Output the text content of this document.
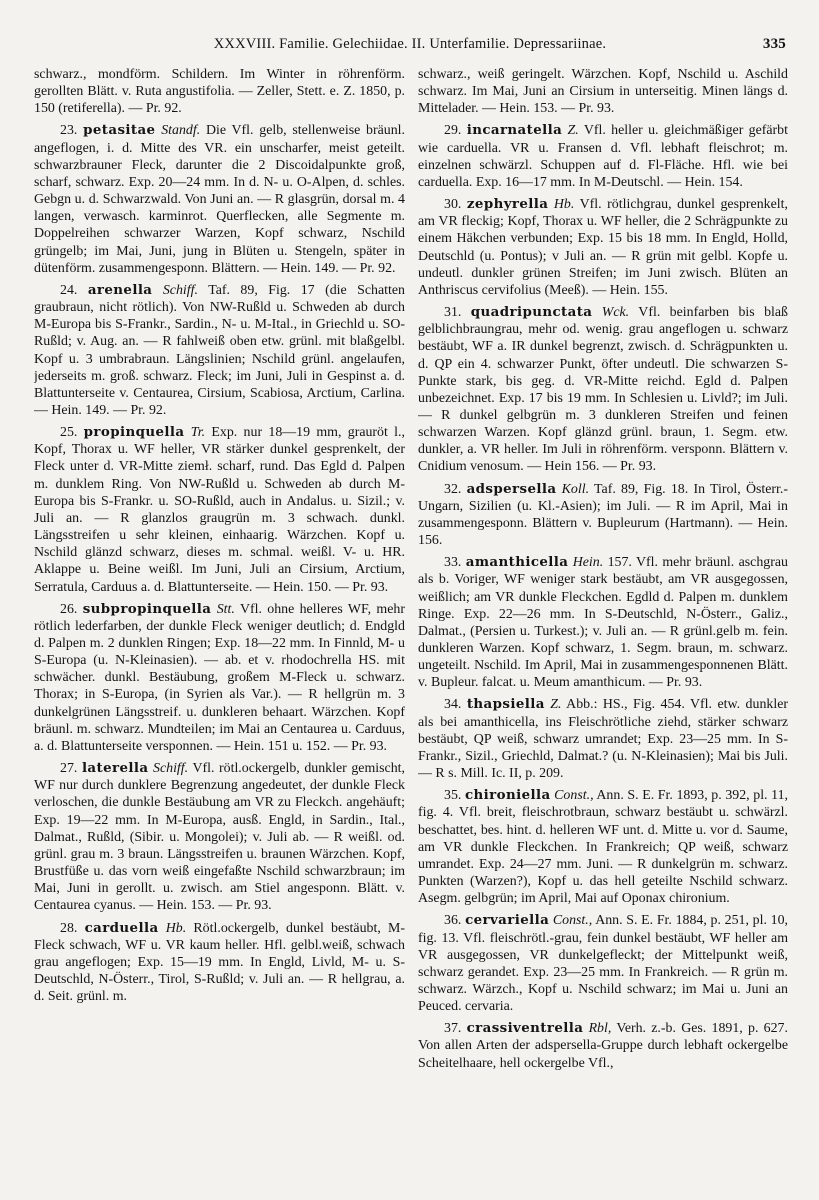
XXXVIII. Familie. Gelechiidae. II. Unterfamilie. Depressariinae.	335

schwarz., mondförm. Schildern. Im Winter in röhrenförm. gerollten Blätt. v. Ruta angustifolia. — Zeller, Stett. e. Z. 1850, p. 150 (retiferella). — Pr. 92.

23. petasitae Standf. Die Vfl. gelb, stellenweise bräunl. angeflogen, i. d. Mitte des VR. ein unscharfer, meist geteilt. schwarzbrauner Fleck, darunter die 2 Discoidalpunkte groß, scharf, schwarz. Exp. 20—24 mm. In d. N- u. O-Alpen, d. schles. Gebgn u. d. Schwarzwald. Von Juni an. — R glasgrün, dorsal m. 4 langen, verwasch. karminrot. Querflecken, alle Segmente m. Doppelreihen schwarzer Warzen, Kopf schwarz, Nschild grüngelb; im Mai, Juni, jung in Blüten u. Stengeln, später in dütenförm. zusammengesponn. Blättern. — Hein. 149. — Pr. 92.

24. arenella Schiff. Taf. 89, Fig. 17 (die Schatten graubraun, nicht rötlich). Von NW-Rußld u. Schweden ab durch M-Europa bis S-Frankr., Sardin., N- u. M-Ital., in Griechld u. SO-Rußld; v. Aug. an. — R fahlweiß oben etw. grünl. mit blaßgelbl. Kopf u. 3 umbrabraun. Längslinien; Nschild grünl. angelaufen, jederseits m. groß. schwarz. Fleck; im Juni, Juli in Gespinst a. d. Blattunterseite v. Centaurea, Cirsium, Scabiosa, Arctium, Carlina. — Hein. 149. — Pr. 92.

25. propinquella Tr. Exp. nur 18—19 mm, grauröt l., Kopf, Thorax u. WF heller, VR stärker dunkel gesprenkelt, der Fleck unter d. VR-Mitte ziemł. scharf, rund. Das Egld d. Palpen m. dunklem Ring. Von NW-Rußld u. Schweden ab durch M-Europa bis S-Frankr. u. SO-Rußld, auch in Andalus. u. Sizil.; v. Juli an. — R glanzlos graugrün m. 3 schwach. dunkl. Längsstreifen u sehr kleinen, einhaarig. Wärzchen. Kopf u. Nschild glänzd schwarz, dieses m. schmal. weißl. V- u. HR. Aklappe u. Beine weißl. Im Juni, Juli an Cirsium, Arctium, Serratula, Carduus a. d. Blattunterseite. — Hein. 150. — Pr. 93.

26. subpropinquella Stt. Vfl. ohne helleres WF, mehr rötlich lederfarben, der dunkle Fleck weniger deutlich; d. Endgld d. Palpen m. 2 dunklen Ringen; Exp. 18—22 mm. In Finnld, M- u S-Europa (u. N-Kleinasien). — ab. et v. rhodochrella HS. mit schwächer. dunkl. Bestäubung, großem M-Fleck u. schwarz. Thorax; in S-Europa, (in Syrien als Var.). — R hellgrün m. 3 dunkelgrünen Längsstreif. u. dunkleren behaart. Wärzchen. Kopf bräunl. m. schwarz. Mundteilen; im Mai an Centaurea u. Carduus, a. d. Blattunterseite versponnen. — Hein. 151 u. 152. — Pr. 93.

27. laterella Schiff. Vfl. rötl.ockergelb, dunkler gemischt, WF nur durch dunklere Begrenzung angedeutet, der dunkle Fleck verloschen, die dunkle Bestäubung am VR zu Fleckch. angehäuft; Exp. 19—22 mm. In M-Europa, ausß. Engld, in Sardin., Ital., Dalmat., Rußld, (Sibir. u. Mongolei); v. Juli ab. — R weißl. od. grünl. grau m. 3 braun. Längsstreifen u. braunen Wärzchen. Kopf, Brustfüße u. das vorn weiß eingefaßte Nschild schwarzbraun; im Mai, Juni in gerollt. u. zwisch. am Stiel angesponn. Blätt. v. Centaurea cyanus. — Hein. 153. — Pr. 93.

28. carduella Hb. Rötl.ockergelb, dunkel bestäubt, M-Fleck schwach, WF u. VR kaum heller. Hfl. gelbl.weiß, schwach grau angeflogen; Exp. 15—19 mm. In Engld, Livld, M- u. S-Deutschld, N-Österr., Tirol, S-Rußld; v. Juli an. — R hellgrau, a. d. Seit. grünl. m.

schwarz., weiß geringelt. Wärzchen. Kopf, Nschild u. Aschild schwarz. Im Mai, Juni an Cirsium in unterseitig. Minen längs d. Mittelader. — Hein. 153. — Pr. 93.

29. incarnatella Z. Vfl. heller u. gleichmäßiger gefärbt wie carduella. VR u. Fransen d. Vfl. lebhaft fleischrot; m. einzelnen schwärzl. Schuppen auf d. Fl-Fläche. Hfl. wie bei carduella. Exp. 16—17 mm. In M-Deutschl. — Hein. 154.

30. zephyrella Hb. Vfl. rötlichgrau, dunkel gesprenkelt, am VR fleckig; Kopf, Thorax u. WF heller, die 2 Schrägpunkte zu einem Häkchen verbunden; Exp. 15 bis 18 mm. In Engld, Holld, Deutschld (u. Pontus); v Juli an. — R grün mit gelbl. Kopfe u. undeutl. dunkler grünen Streifen; im Juni zwisch. Blüten an Anthriscus cervifolius (Meeß). — Hein. 155.

31. quadripunctata Wck. Vfl. beinfarben bis blaß gelblichbraungrau, mehr od. wenig. grau angeflogen u. schwarz bestäubt, WF a. IR dunkel begrenzt, zwisch. d. Schrägpunkten u. d. QP ein 4. schwarzer Punkt, öfter undeutl. Die schwarzen S-Punkte stark, bis geg. d. VR-Mitte reichd. Egld d. Palpen unbezeichnet. Exp. 17 bis 19 mm. In Schlesien u. Livld?; im Juli. — R dunkel gelbgrün m. 3 dunkleren Streifen und feinen schwarzen Warzen. Kopf glänzd grünl. braun, 1. Segm. etw. dunkler, a. VR heller. Im Juli in röhrenförm. versponn. Blättern v. Cnidium venosum. — Hein 156. — Pr. 93.

32. adspersella Koll. Taf. 89, Fig. 18. In Tirol, Österr.-Ungarn, Sizilien (u. Kl.-Asien); im Juli. — R im April, Mai in zusammengesponn. Blättern v. Bupleurum (Hartmann). — Hein. 156.

33. amanthicella Hein. 157. Vfl. mehr bräunl. aschgrau als b. Voriger, WF weniger stark bestäubt, am VR ausgegossen, weißlich; am VR dunkle Fleckchen. Egdld d. Palpen m. dunklem Ringe. Exp. 22—26 mm. In S-Deutschld, N-Österr., Galiz., Dalmat., (Persien u. Turkest.); v. Juli an. — R grünl.gelb m. fein. dunkleren Warzen. Kopf schwarz, 1. Segm. braun, m. schwarz. ungeteilt. Nschild. Im April, Mai in zusammengesponnenen Blätt. v. Bupleur. falcat. u. Meum amanthicum. — Pr. 93.

34. thapsiella Z. Abb.: HS., Fig. 454. Vfl. etw. dunkler als bei amanthicella, ins Fleischrötliche ziehd, stärker schwarz bestäubt, QP weiß, schwarz umrandet; Exp. 23—25 mm. In S-Frankr., Sizil., Griechld, Dalmat.? (u. N-Kleinasien); Mai bis Juli. — R s. Mill. Ic. II, p. 209.

35. chironiella Const., Ann. S. E. Fr. 1893, p. 392, pl. 11, fig. 4. Vfl. breit, fleischrotbraun, schwarz bestäubt u. schwärzl. beschattet, bes. hint. d. helleren WF unt. d. Mitte u. vor d. Saume, am VR dunkle Fleckchen. In Frankreich; QP weiß, schwarz umrandet. Exp. 24—27 mm. Juni. — R dunkelgrün m. schwarz. Punkten (Warzen?), Kopf u. das hell geteilte Nschild schwarz. Asegm. gelbgrün; im April, Mai auf Oponax chironium.

36. cervariella Const., Ann. S. E. Fr. 1884, p. 251, pl. 10, fig. 13. Vfl. fleischrötl.-grau, fein dunkel bestäubt, WF heller am VR ausgegossen, VR dunkelgefleckt; der Mittelpunkt weiß, schwarz gerandet. Exp. 23—25 mm. In Frankreich. — R grün m. schwarz. Wärzch., Kopf u. Nschild schwarz; im Mai u. Juni an Peuced. cervaria.

37. crassiventrella Rbl, Verh. z.-b. Ges. 1891, p. 627. Von allen Arten der adspersella-Gruppe durch lebhaft ockergelbe Scheitelhaare, hell ockergelbe Vfl.,
